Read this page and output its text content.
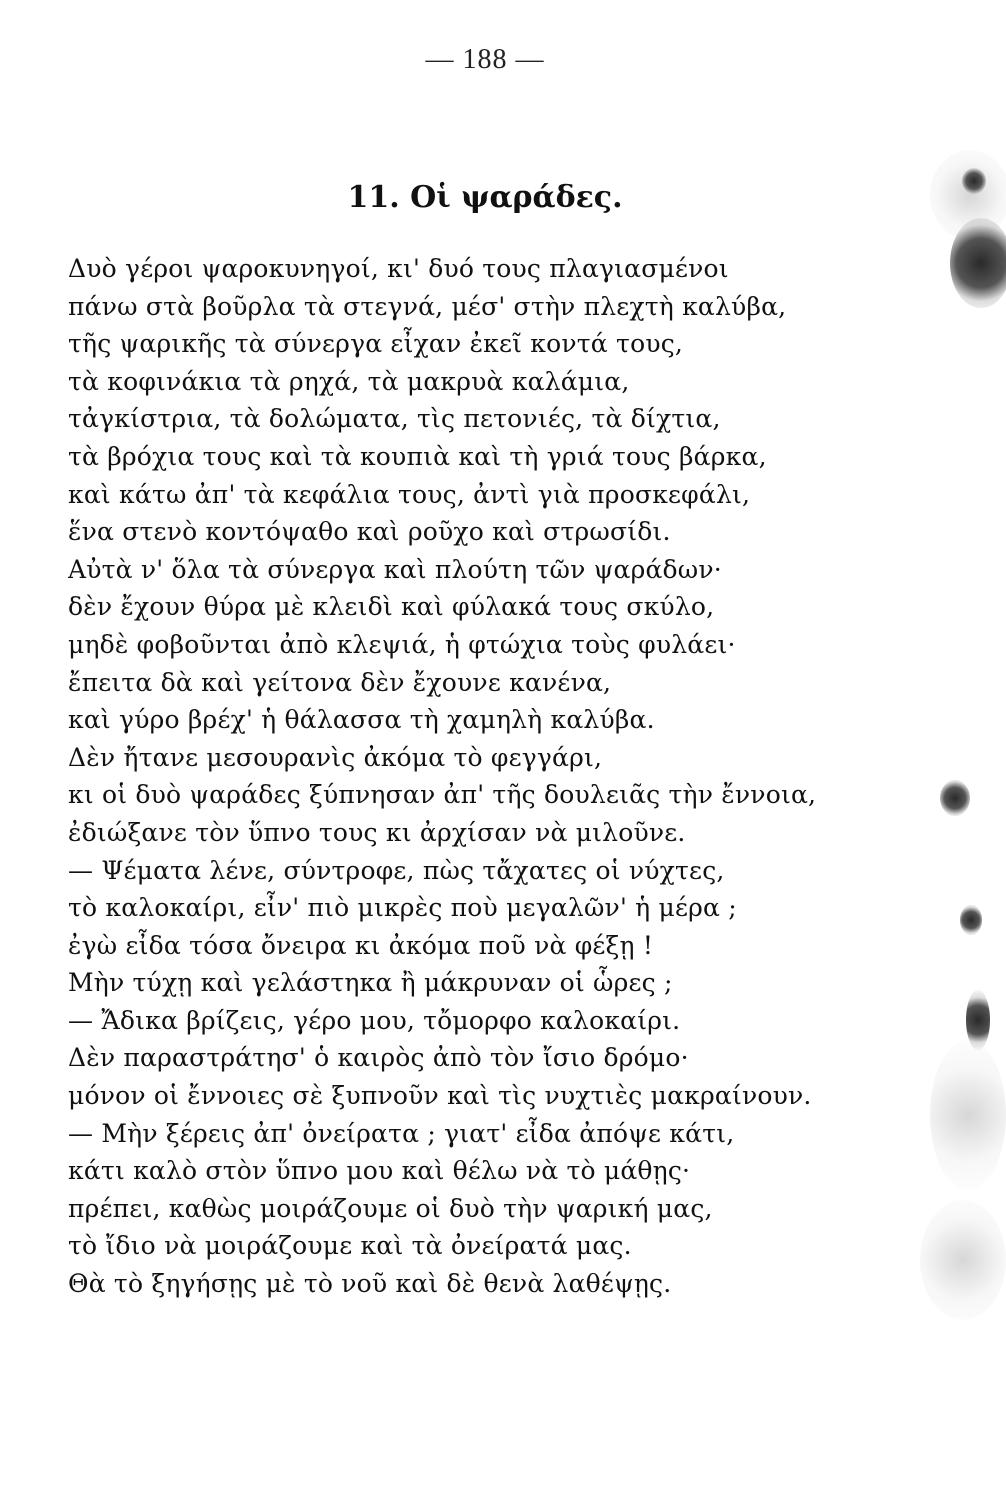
— 188 —
11. Οἱ ψαράδες.
Δυὸ γέροι ψαροκυνηγοί, κι' δυό τους πλαγιασμένοι
πάνω στὰ βοῦρλα τὰ στεγνά, μέσ' στὴν πλεχτὴ καλύβα,
τῆς ψαρικῆς τὰ σύνεργα εἶχαν ἐκεῖ κοντά τους,
τὰ κοφινάκια τὰ ρηχά, τὰ μακρυὰ καλάμια,
τἀγκίστρια, τὰ δολώματα, τὶς πετονιές, τὰ δίχτια,
τὰ βρόχια τους καὶ τὰ κουπιὰ καὶ τὴ γριά τους βάρκα,
καὶ κάτω ἀπ' τὰ κεφάλια τους, ἀντὶ γιὰ προσκεφάλι,
ἕνα στενὸ κοντόψαθο καὶ ροῦχο καὶ στρωσίδι.
Αὐτὰ ν' ὅλα τὰ σύνεργα καὶ πλούτη τῶν ψαράδων·
δὲν ἔχουν θύρα μὲ κλειδὶ καὶ φύλακά τους σκύλο,
μηδὲ φοβοῦνται ἀπὸ κλεψιά, ἡ φτώχια τοὺς φυλάει·
ἔπειτα δὰ καὶ γείτονα δὲν ἔχουνε κανένα,
καὶ γύρο βρέχ' ἡ θάλασσα τὴ χαμηλὴ καλύβα.
Δὲν ἤτανε μεσουρανὶς ἀκόμα τὸ φεγγάρι,
κι οἱ δυὸ ψαράδες ξύπνησαν ἀπ' τῆς δουλειᾶς τὴν ἔννοια,
ἐδιώξανε τὸν ὕπνο τους κι ἀρχίσαν νὰ μιλοῦνε.
— Ψέματα λένε, σύντροφε, πὼς τἄχατες οἱ νύχτες,
τὸ καλοκαίρι, εἶν' πιὸ μικρὲς ποὺ μεγαλῶν' ἡ μέρα ;
ἐγὼ εἶδα τόσα ὄνειρα κι ἀκόμα ποῦ νὰ φέξῃ !
Μὴν τύχῃ καὶ γελάστηκα ἢ μάκρυναν οἱ ὧρες ;
— Ἄδικα βρίζεις, γέρο μου, τὄμορφο καλοκαίρι.
Δὲν παραστράτησ' ὁ καιρὸς ἀπὸ τὸν ἴσιο δρόμο·
μόνον οἱ ἔννοιες σὲ ξυπνοῦν καὶ τὶς νυχτιὲς μακραίνουν.
— Μὴν ξέρεις ἀπ' ὀνείρατα ; γιατ' εἶδα ἀπόψε κάτι,
κάτι καλὸ στὸν ὕπνο μου καὶ θέλω νὰ τὸ μάθῃς·
πρέπει, καθὼς μοιράζουμε οἱ δυὸ τὴν ψαρική μας,
τὸ ἴδιο νὰ μοιράζουμε καὶ τὰ ὀνείρατά μας.
Θὰ τὸ ξηγήσῃς μὲ τὸ νοῦ καὶ δὲ θενὰ λαθέψῃς.
